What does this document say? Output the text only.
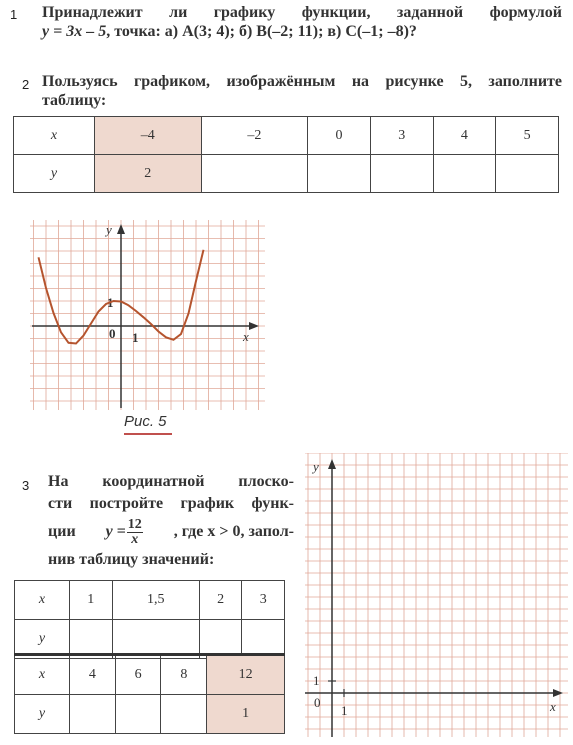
1 Принадлежит ли графику функции, заданной формулой
y = 3x – 5, точка: а) A(3; 4); б) B(–2; 11); в) C(–1; –8)?
2 Пользуясь графиком, изображённым на рисунке 5, заполните
таблицу:
x	–4	–2	0	3	4	5
y	2					
y
x
1
0 1
Рис. 5
3 На координатной плоско-
сти постройте график функ-
ции $y = \frac{12}{x}$ , где x > 0, запол-
нив таблицу значений:
x	1	1,5	2	3
y				
x	4	6	8	12
y				1
y
x
0
1
1
